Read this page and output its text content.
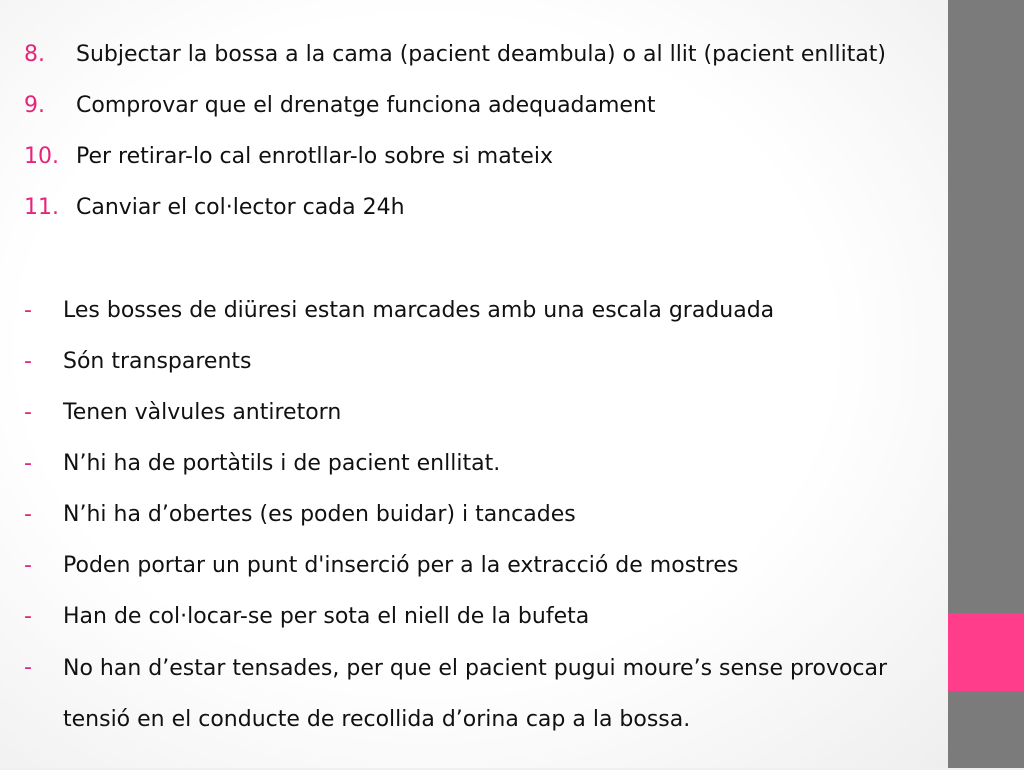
8.	Subjectar la bossa a la cama (pacient deambula) o al llit (pacient enllitat)
9.	Comprovar que el drenatge funciona adequadament
10. Per retirar-lo cal enrotllar-lo sobre si mateix
11. Canviar el col·lector cada 24h
-	Les bosses de diüresi estan marcades amb una escala graduada
-	Són transparents
-	Tenen vàlvules antiretorn
-	N’hi ha de portàtils i de pacient enllitat.
-	N’hi ha d’obertes (es poden buidar) i tancades
-	Poden portar un punt d'inserció per a la extracció de mostres
-	Han de col·locar-se per sota el niell de la bufeta
-	No han d’estar tensades, per que el pacient pugui moure’s sense provocar tensió en el conducte de recollida d’orina cap a la bossa.
